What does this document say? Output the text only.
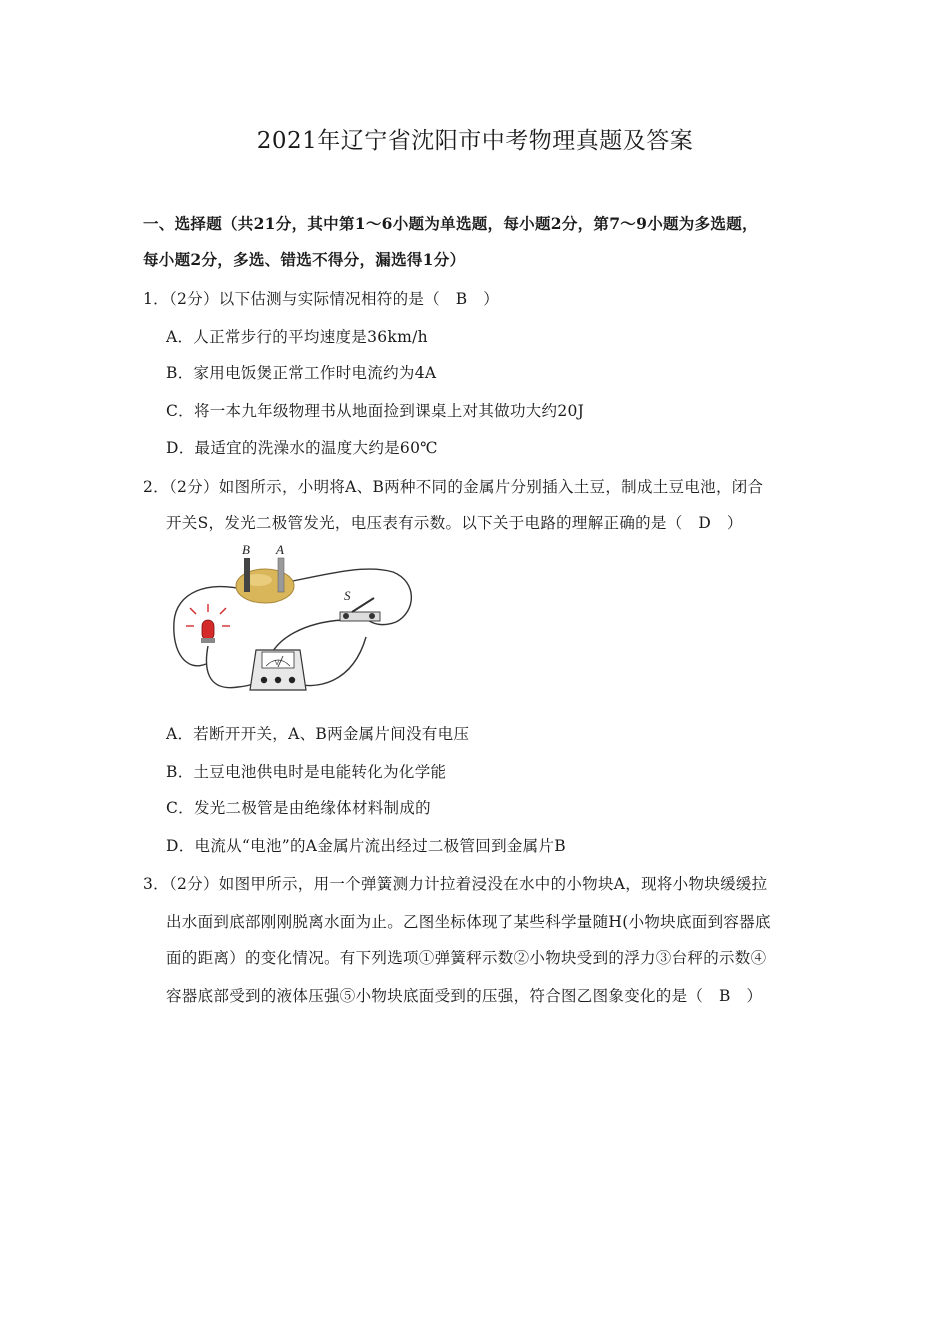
2021年辽宁省沈阳市中考物理真题及答案
一、选择题（共21分，其中第1～6小题为单选题，每小题2分，第7～9小题为多选题，
每小题2分，多选、错选不得分，漏选得1分）
1．（2分）以下估测与实际情况相符的是（　B　）
A．人正常步行的平均速度是36km/h
B．家用电饭煲正常工作时电流约为4A
C．将一本九年级物理书从地面捡到课桌上对其做功大约20J
D．最适宜的洗澡水的温度大约是60℃
2．（2分）如图所示，小明将A、B两种不同的金属片分别插入土豆，制成土豆电池，闭合
开关S，发光二极管发光，电压表有示数。以下关于电路的理解正确的是（　D　）
B A
S
V
A．若断开开关，A、B两金属片间没有电压
B．土豆电池供电时是电能转化为化学能
C．发光二极管是由绝缘体材料制成的
D．电流从“电池”的A金属片流出经过二极管回到金属片B
3．（2分）如图甲所示，用一个弹簧测力计拉着浸没在水中的小物块A，现将小物块缓缓拉
出水面到底部刚刚脱离水面为止。乙图坐标体现了某些科学量随H(小物块底面到容器底
面的距离）的变化情况。有下列选项①弹簧秤示数②小物块受到的浮力③台秤的示数④
容器底部受到的液体压强⑤小物块底面受到的压强，符合图乙图象变化的是（　B　）
